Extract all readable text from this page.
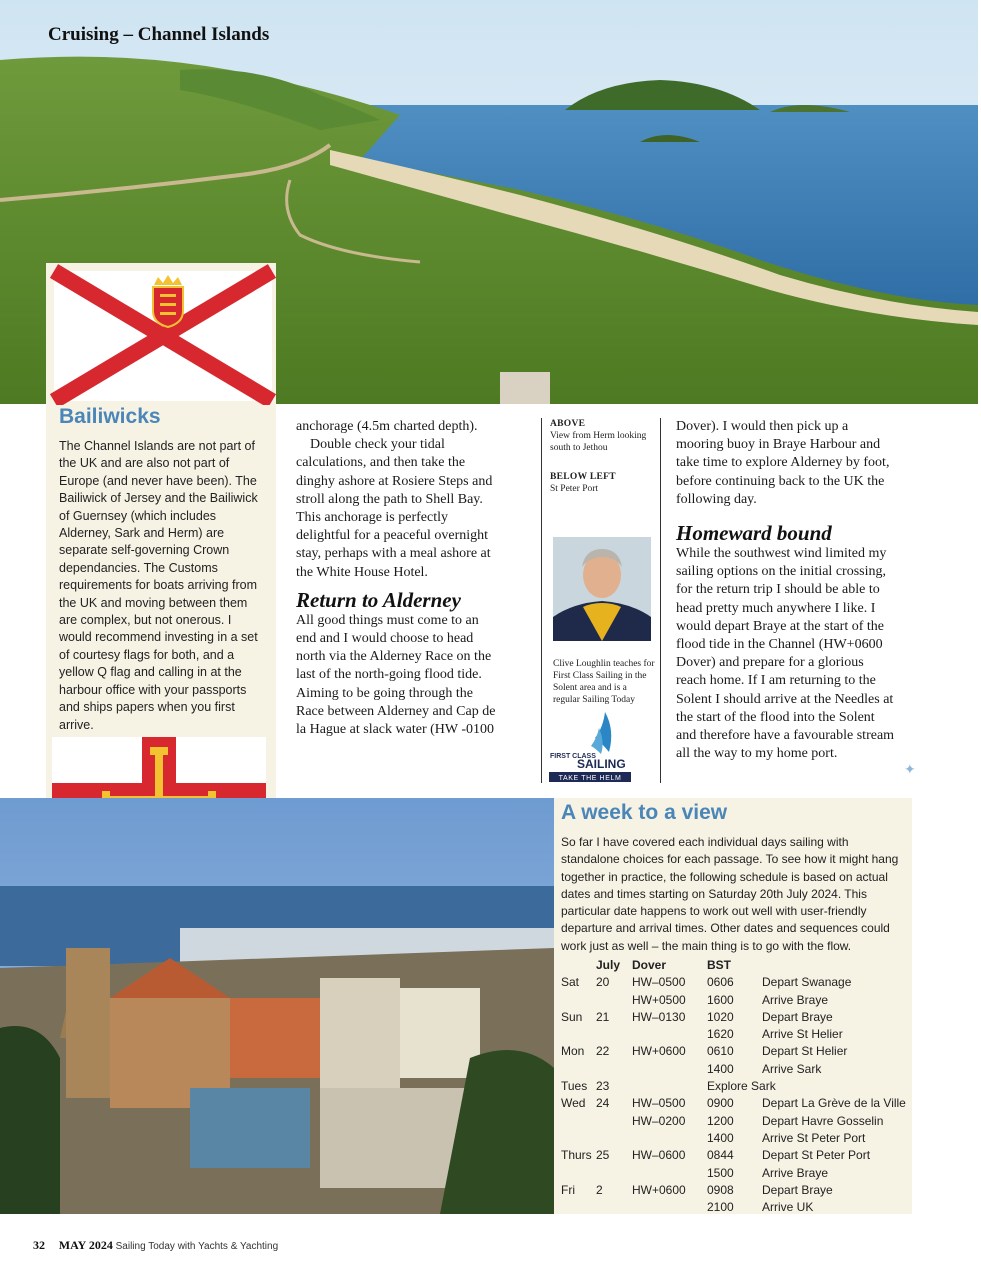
Cruising – Channel Islands
Bailiwicks
The Channel Islands are not part of the UK and are also not part of Europe (and never have been). The Bailiwick of Jersey and the Bailiwick of Guernsey (which includes Alderney, Sark and Herm) are separate self-governing Crown dependancies. The Customs requirements for boats arriving from the UK and moving between them are complex, but not onerous. I would recommend investing in a set of courtesy flags for both, and a yellow Q flag and calling in at the harbour office with your passports and ships papers when you first arrive.

anchorage (4.5m charted depth).

Double check your tidal calculations, and then take the dinghy ashore at Rosiere Steps and stroll along the path to Shell Bay. This anchorage is perfectly delightful for a peaceful overnight stay, perhaps with a meal ashore at the White House Hotel.

Return to Alderney

All good things must come to an end and I would choose to head north via the Alderney Race on the last of the north-going flood tide. Aiming to be going through the Race between Alderney and Cap de la Hague at slack water (HW -0100

ABOVE
View from Herm looking south to Jethou
BELOW LEFT
St Peter Port
Clive Loughlin teaches for First Class Sailing in the Solent area and is a regular Sailing Today
FIRST CLASS
SAILING
TAKE THE HELM

Dover). I would then pick up a mooring buoy in Braye Harbour and take time to explore Alderney by foot, before continuing back to the UK the following day.

Homeward bound

While the southwest wind limited my sailing options on the initial crossing, for the return trip I should be able to head pretty much anywhere I like. I would depart Braye at the start of the flood tide in the Channel (HW+0600 Dover) and prepare for a glorious reach home. If I am returning to the Solent I should arrive at the Needles at the start of the flood into the Solent and therefore have a favourable stream all the way to my home port.

✦
A week to a view
So far I have covered each individual days sailing with standalone choices for each passage. To see how it might hang together in practice, the following schedule is based on actual dates and times starting on Saturday 20th July 2024. This particular date happens to work out well with user-friendly departure and arrival times. Other dates and sequences could work just as well – the main thing is to go with the flow.
	July	Dover	BST	
Sat	20	HW–0500	0606	Depart Swanage
		HW+0500	1600	Arrive Braye
Sun	21	HW–0130	1020	Depart Braye
			1620	Arrive St Helier
Mon	22	HW+0600	0610	Depart St Helier
			1400	Arrive Sark
Tues	23		Explore Sark	
Wed	24	HW–0500	0900	Depart La Grève de la Ville
		HW–0200	1200	Depart Havre Gosselin
			1400	Arrive St Peter Port
Thurs	25	HW–0600	0844	Depart St Peter Port
			1500	Arrive Braye
Fri	2	HW+0600	0908	Depart Braye
			2100	Arrive UK
32 MAY 2024 Sailing Today with Yachts & Yachting
